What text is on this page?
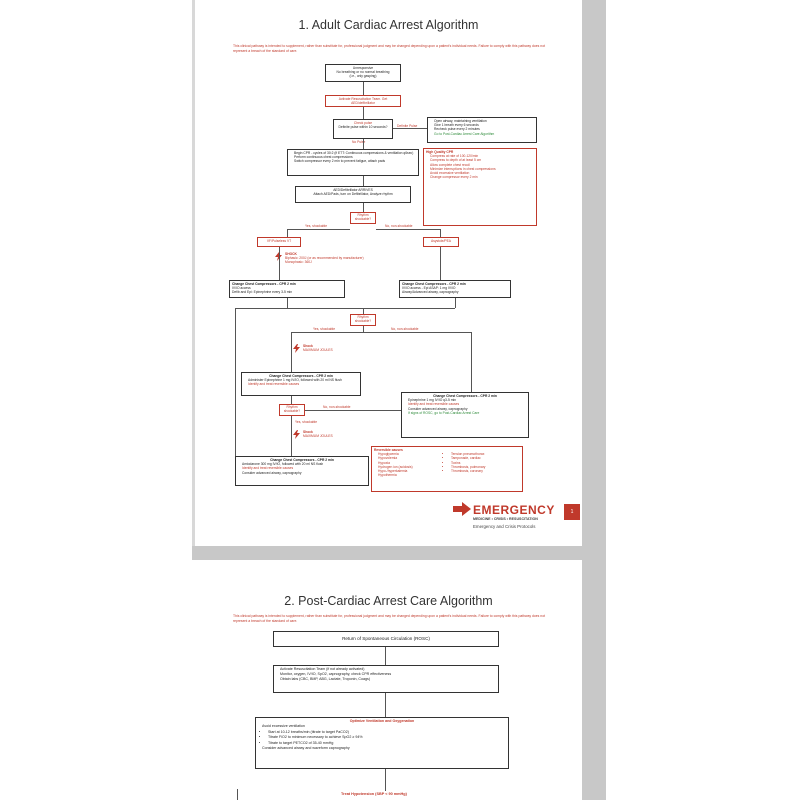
1. Adult Cardiac Arrest Algorithm
This clinical pathway is intended to supplement, rather than substitute for, professional judgment and may be changed depending upon a patient's individual needs. Failure to comply with this pathway does not represent a breach of the standard of care.
Unresponsive
No breathing or no normal breathing
(i.e., only gasping)
Activate Resuscitation Team. Get AED/defibrillator
Check pulse
Definite pulse within 10 seconds?
No Pulse
Definite Pulse
• Open airway, maintaining ventilation
• Give 1 breath every 6 seconds
• Recheck pulse every 2 minutes
• Go to Post-Cardiac Arrest Care Algorithm
• Begin CPR - cycles of 30:2 (if ETT: Continuous compressions & ventilation q6sec)
• Perform continuous chest compressions
• Switch compressor every 2 min to prevent fatigue, attach pads
AED/Defibrillator ARRIVES
Attach AED/Pads, turn on Defibrillator, Analyze rhythm
High Quality CPR
• Compress at rate of 100-120/min
• Compress to depth of at least 5 cm
• Allow complete chest recoil
• Minimize interruptions in chest compressions
• Avoid excessive ventilation
• Change compressor every 2 min
Rhythm shockable?
Yes, shockable	No, non-shockable
VF/Pulseless VT	Asystole/PEA
SHOCK
Biphasic: 200J (or as recommended by manufacturer)
Monophasic: 360J
Change Chest Compressors - CPR 2 min
IV/IO access
Defib and Epi: Epinephrine every 3-5 min
Change Chest Compressors - CPR 2 min
IV/IO access - Epi ASAP: 1 mg IV/IO
Airway/Advanced airway, capnography
Rhythm shockable?
Yes, shockable	No, non-shockable
Shock
MAXIMUM JOULES
Change Chest Compressors - CPR 2 min
• Administer Epinephrine 1 mg IV/IO, followed with 20 ml NS flush
• Identify and treat reversible causes
Rhythm shockable?
No, non-shockable
Yes, shockable
Shock
MAXIMUM JOULES
Change Chest Compressors - CPR 2 min
• Amiodarone 300 mg IV/IO, followed with 20 ml NS flush
• Identify and treat reversible causes
• Consider advanced airway, capnography
Change Chest Compressors - CPR 2 min
• Epinephrine 1 mg IV/IO q3-5 min
• Identify and treat reversible causes
• Consider advanced airway, capnography
• If signs of ROSC, go to Post-Cardiac Arrest Care
Reversible causes
• Hypoglycemia
• Hypovolemia
• Hypoxia
• Hydrogen ion (acidosis)
• Hypo-/hyperkalemia
• Hypothermia
• Tension pneumothorax
• Tamponade, cardiac
• Toxins
• Thrombosis, pulmonary
• Thrombosis, coronary
EMERGENCY
MEDICINE • CRISIS • RESUSCITATION
Emergency and Crisis Protocols
1
2. Post-Cardiac Arrest Care Algorithm
This clinical pathway is intended to supplement, rather than substitute for, professional judgment and may be changed depending upon a patient's individual needs. Failure to comply with this pathway does not represent a breach of the standard of care.
Return of Spontaneous Circulation (ROSC)
• Activate Resuscitation Team (if not already activated)
• Monitor, oxygen, IV/IO, SpO2, capnography, check CPR effectiveness
• Obtain labs (CBC, BMP, ABG, Lactate, Troponin, Coags)
Optimize Ventilation and Oxygenation
• Avoid excessive ventilation
• Start at 10-12 breaths/min (titrate to target PaCO2)
• Titrate FiO2 to minimum necessary to achieve SpO2 ≥ 94%
• Titrate to target PETCO2 of 35-40 mmHg
• Consider advanced airway and waveform capnography
Treat Hypotension (SBP < 90 mmHg)
